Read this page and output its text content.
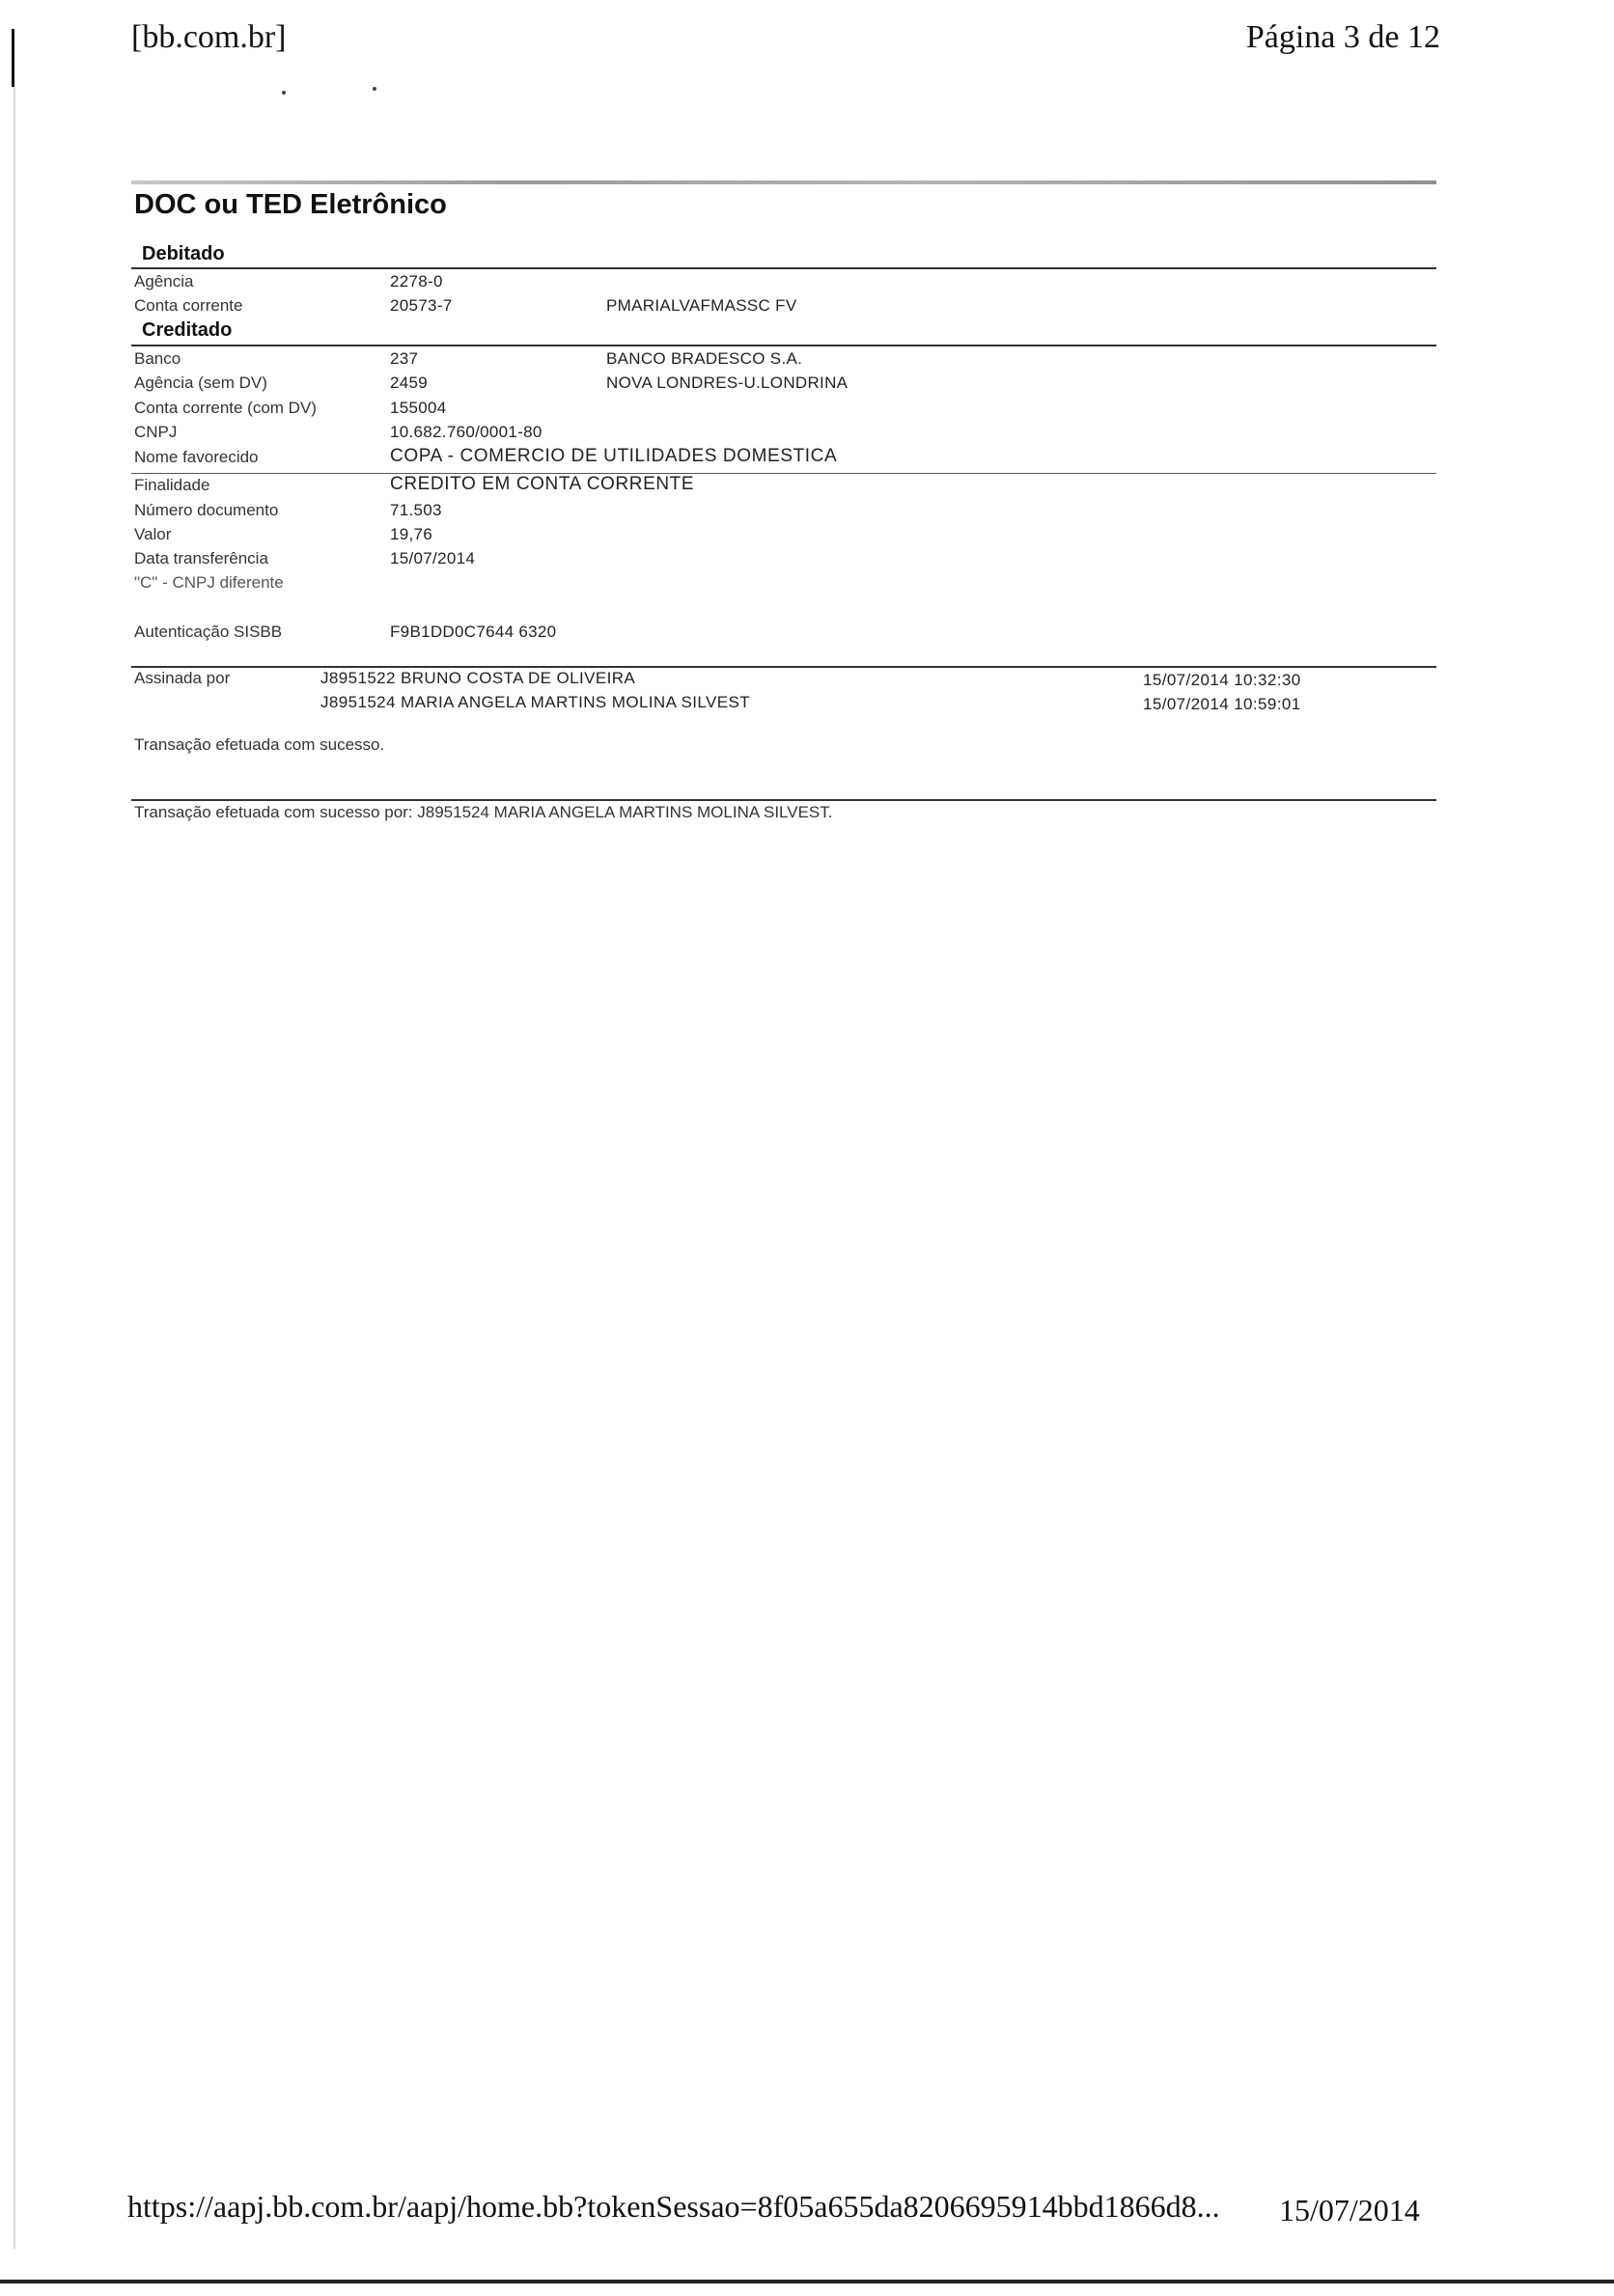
[bb.com.br]	Página 3 de 12
DOC ou TED Eletrônico
Debitado
Agência	2278-0
Conta corrente	20573-7	PMARIALVAFMASSC FV
Creditado
Banco	237	BANCO BRADESCO S.A.
Agência (sem DV)	2459	NOVA LONDRES-U.LONDRINA
Conta corrente (com DV)	155004
CNPJ	10.682.760/0001-80
Nome favorecido	COPA - COMERCIO DE UTILIDADES DOMESTICA
Finalidade	CREDITO EM CONTA CORRENTE
Número documento	71.503
Valor	19,76
Data transferência	15/07/2014
"C" - CNPJ diferente
Autenticação SISBB	F9B1DD0C7644 6320
Assinada por	J8951522 BRUNO COSTA DE OLIVEIRA	15/07/2014 10:32:30
J8951524 MARIA ANGELA MARTINS MOLINA SILVEST	15/07/2014 10:59:01
Transação efetuada com sucesso.
Transação efetuada com sucesso por: J8951524 MARIA ANGELA MARTINS MOLINA SILVEST.
https://aapj.bb.com.br/aapj/home.bb?tokenSessao=8f05a655da8206695914bbd1866d8... 15/07/2014
